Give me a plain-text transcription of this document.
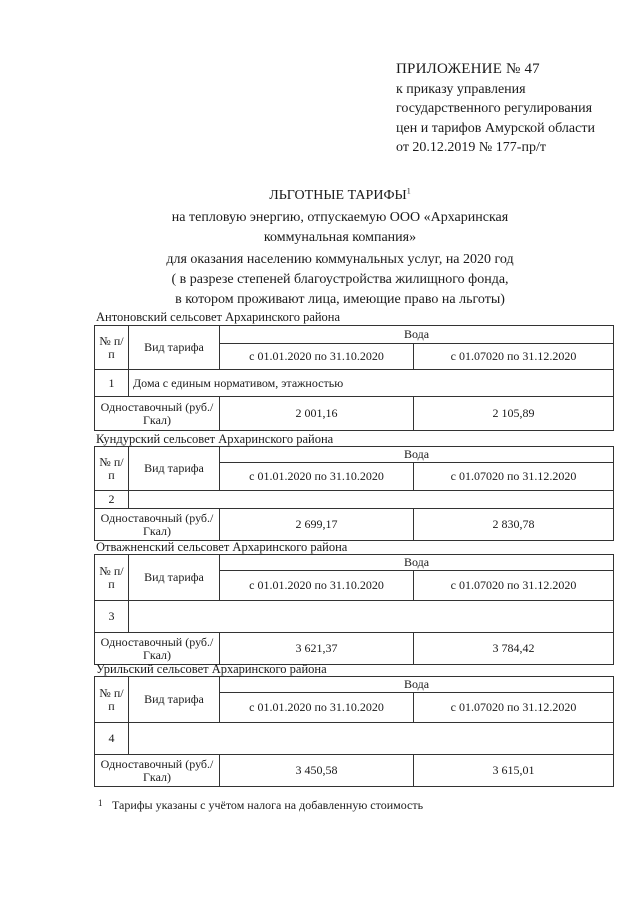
ПРИЛОЖЕНИЕ № 47
к приказу управления
государственного регулирования
цен и тарифов Амурской области
от 20.12.2019 № 177-пр/т
ЛЬГОТНЫЕ ТАРИФЫ$^1$
на тепловую энергию, отпускаемую ООО «Архаринская коммунальная компания»
для оказания населению коммунальных услуг, на 2020 год
( в разрезе степеней благоустройства жилищного фонда,
в котором проживают лица, имеющие право на льготы)
Антоновский сельсовет Архаринского района
№ п/п	Вид тарифа	Вода	
		с 01.01.2020 по 31.10.2020	с 01.07020 по 31.12.2020
1	Дома с единым нормативом, этажностью		
Одноставочный (руб./Гкал)		2 001,16	2 105,89
Кундурский сельсовет Архаринского района
№ п/п	Вид тарифа	Вода	
		с 01.01.2020 по 31.10.2020	с 01.07020 по 31.12.2020
2			
Одноставочный (руб./Гкал)		2 699,17	2 830,78
Отважненский сельсовет Архаринского района
№ п/п	Вид тарифа	Вода	
		с 01.01.2020 по 31.10.2020	с 01.07020 по 31.12.2020
3			
Одноставочный (руб./Гкал)		3 621,37	3 784,42
Урильский сельсовет Архаринского района
№ п/п	Вид тарифа	Вода	
		с 01.01.2020 по 31.10.2020	с 01.07020 по 31.12.2020
4			
Одноставочный (руб./Гкал)		3 450,58	3 615,01
1 Тарифы указаны с учётом налога на добавленную стоимость
